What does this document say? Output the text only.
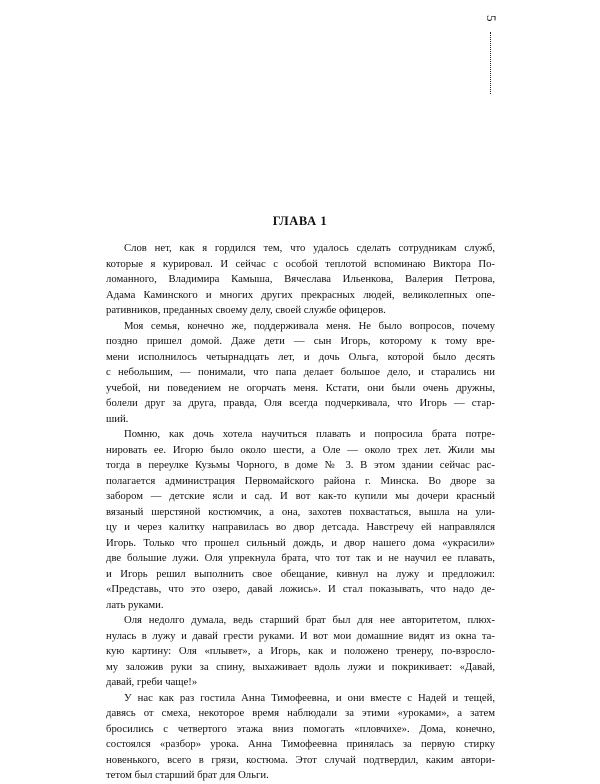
5
ГЛАВА 1
Слов нет, как я гордился тем, что удалось сделать сотрудникам служб,
которые я курировал. И сейчас с особой теплотой вспоминаю Виктора По-
ломанного, Владимира Камыша, Вячеслава Ильенкова, Валерия Петрова,
Адама Каминского и многих других прекрасных людей, великолепных опе-
ративников, преданных своему делу, своей службе офицеров.
Моя семья, конечно же, поддерживала меня. Не было вопросов, почему
поздно пришел домой. Даже дети — сын Игорь, которому к тому вре-
мени исполнилось четырнадцать лет, и дочь Ольга, которой было десять
с небольшим, — понимали, что папа делает большое дело, и старались ни
учебой, ни поведением не огорчать меня. Кстати, они были очень дружны,
болели друг за друга, правда, Оля всегда подчеркивала, что Игорь — стар-
ший.
Помню, как дочь хотела научиться плавать и попросила брата потре-
нировать ее. Игорю было около шести, а Оле — около трех лет. Жили мы
тогда в переулке Кузьмы Чорного, в доме № 3. В этом здании сейчас рас-
полагается администрация Первомайского района г. Минска. Во дворе за
забором — детские ясли и сад. И вот как-то купили мы дочери красный
вязаный шерстяной костюмчик, а она, захотев похвастаться, вышла на ули-
цу и через калитку направилась во двор детсада. Навстречу ей направлялся
Игорь. Только что прошел сильный дождь, и двор нашего дома «украсили»
две большие лужи. Оля упрекнула брата, что тот так и не научил ее плавать,
и Игорь решил выполнить свое обещание, кивнул на лужу и предложил:
«Представь, что это озеро, давай ложись». И стал показывать, что надо де-
лать руками.
Оля недолго думала, ведь старший брат был для нее авторитетом, плюх-
нулась в лужу и давай грести руками. И вот мои домашние видят из окна та-
кую картину: Оля «плывет», а Игорь, как и положено тренеру, по-взросло-
му заложив руки за спину, выхаживает вдоль лужи и покрикивает: «Давай,
давай, греби чаще!»
У нас как раз гостила Анна Тимофеевна, и они вместе с Надей и тещей,
давясь от смеха, некоторое время наблюдали за этими «уроками», а затем
бросились с четвертого этажа вниз помогать «пловчихе». Дома, конечно,
состоялся «разбор» урока. Анна Тимофеевна принялась за первую стирку
новенького, всего в грязи, костюма. Этот случай подтвердил, каким автори-
тетом был старший брат для Ольги.
